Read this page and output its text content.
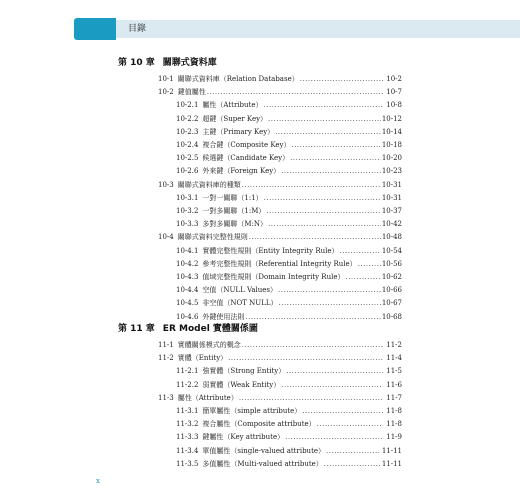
目錄
第 10 章 關聯式資料庫
10-1 關聯式資料庫（Relation Database） .....	10-2
10-2 鍵值屬性 .....	10-7
10-2.1 屬性（Attribute） .....	10-8
10-2.2 超鍵（Super Key） .....	10-12
10-2.3 主鍵（Primary Key） .....	10-14
10-2.4 複合鍵（Composite Key） .....	10-18
10-2.5 候選鍵（Candidate Key） .....	10-20
10-2.6 外來鍵（Foreign Key） .....	10-23
10-3 關聯式資料庫的種類 .....	10-31
10-3.1 一對一關聯（1:1） .....	10-31
10-3.2 一對多關聯（1:M） .....	10-37
10-3.3 多對多關聯（M:N） .....	10-42
10-4 關聯式資料完整性規則 .....	10-48
10-4.1 實體完整性規則（Entity Integrity Rule） .....	10-54
10-4.2 參考完整性規則（Referential Integrity Rule） .....	10-56
10-4.3 值域完整性規則（Domain Integrity Rule） .....	10-62
10-4.4 空值（NULL Values） .....	10-66
10-4.5 非空值（NOT NULL） .....	10-67
10-4.6 外鍵使用法則 .....	10-68
第 11 章 ER Model 實體關係圖
11-1 實體關係模式的概念 .....	11-2
11-2 實體（Entity） .....	11-4
11-2.1 強實體（Strong Entity） .....	11-5
11-2.2 弱實體（Weak Entity） .....	11-6
11-3 屬性（Attribute） .....	11-7
11-3.1 簡單屬性（simple attribute） .....	11-8
11-3.2 複合屬性（Composite attribute） .....	11-8
11-3.3 鍵屬性（Key attribute） .....	11-9
11-3.4 單值屬性（single-valued attribute） .....	11-11
11-3.5 多值屬性（Multi-valued attribute） .....	11-11
x
